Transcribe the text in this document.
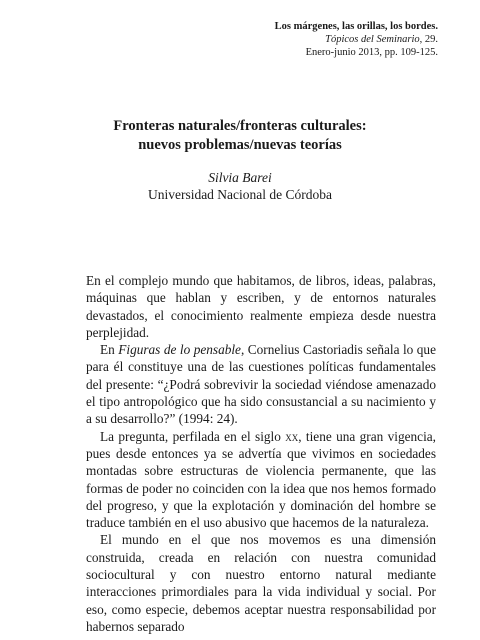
Los márgenes, las orillas, los bordes.
Tópicos del Seminario, 29.
Enero-junio 2013, pp. 109-125.
Fronteras naturales/fronteras culturales:
nuevos problemas/nuevas teorías
Silvia Barei
Universidad Nacional de Córdoba

En el complejo mundo que habitamos, de libros, ideas, palabras, máquinas que hablan y escriben, y de entornos naturales devastados, el conocimiento realmente empieza desde nuestra perplejidad.

En Figuras de lo pensable, Cornelius Castoriadis señala lo que para él constituye una de las cuestiones políticas fundamentales del presente: “¿Podrá sobrevivir la sociedad viéndose amenazado el tipo antropológico que ha sido consustancial a su nacimiento y a su desarrollo?” (1994: 24).

La pregunta, perfilada en el siglo xx, tiene una gran vigencia, pues desde entonces ya se advertía que vivimos en sociedades montadas sobre estructuras de violencia permanente, que las formas de poder no coinciden con la idea que nos hemos formado del progreso, y que la explotación y dominación del hombre se traduce también en el uso abusivo que hacemos de la naturaleza.

El mundo en el que nos movemos es una dimensión construida, creada en relación con nuestra comunidad sociocultural y con nuestro entorno natural mediante interacciones primordiales para la vida individual y social. Por eso, como especie, debemos aceptar nuestra responsabilidad por habernos separado
